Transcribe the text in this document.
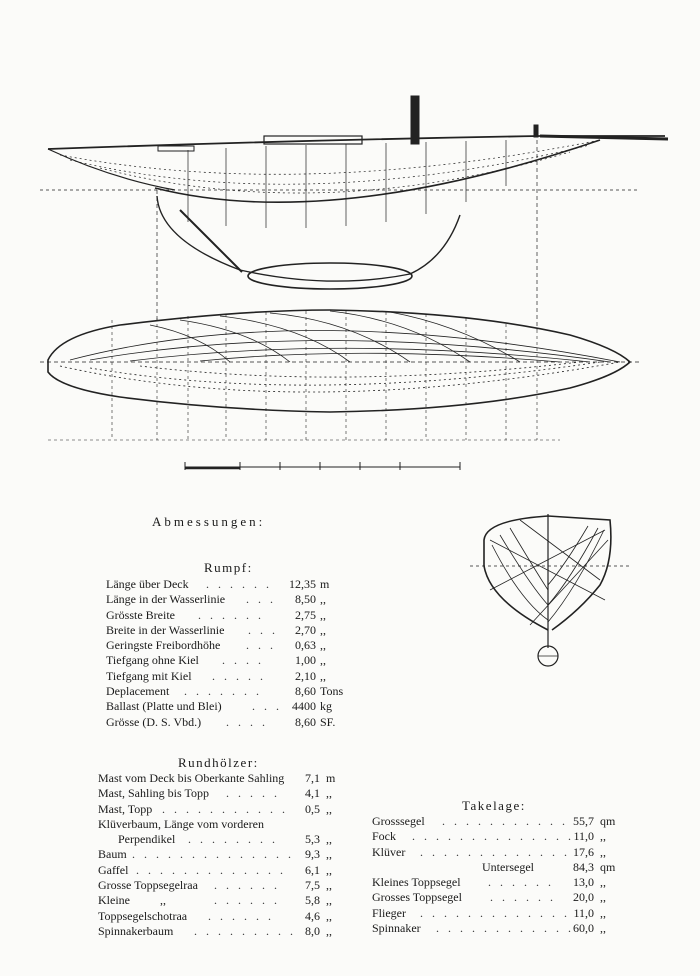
Abmessungen:
Rumpf:
Rundhölzer:
Takelage:
Länge über Deck . . . . . .	12,35 m
Länge in der Wasserlinie . . .	8,50 ,,
Grösste Breite . . . . . .	2,75 ,,
Breite in der Wasserlinie . . .	2,70 ,,
Geringste Freibordhöhe . . .	0,63 ,,
Tiefgang ohne Kiel . . . .	1,00 ,,
Tiefgang mit Kiel . . . . .	2,10 ,,
Deplacement . . . . . . .	8,60 Tons
Ballast (Platte und Blei)	. . . 4400 kg
Grösse (D. S. Vbd.) . . . .	8,60 SF.
Mast vom Deck bis Oberkante Sahling	7,1 m
Mast, Sahling bis Topp . . . . .	4,1 ,,
Mast, Topp . . . . . . . . . . .	0,5 ,,
Klüverbaum, Länge vom vorderen
Perpendikel . . . . . . . .	5,3 ,,
Baum . . . . . . . . . . . . . . 9,3 ,,
Gaffel . . . . . . . . . . . . .	6,1 ,,
Grosse Toppsegelraa . . . . . .	7,5 ,,
Kleine          ,,	. . . . . .	5,8 ,,
Toppsegelschotraa . . . . . .	4,6 ,,
Spinnakerbaum . . . . . . . . . 8,0 ,,
Grosssegel . . . . . . . . . . . 55,7 qm
Fock . . . . . . . . . . . . . . 11,0 ,,
Klüver . . . . . . . . . . . . . 17,6 ,,
Untersegel	84,3 qm
Kleines Toppsegel . . . . . .	13,0 ,,
Grosses Toppsegel . . . . . .	20,0 ,,
Flieger . . . . . . . . . . . . . 11,0 ,,
Spinnaker . . . . . . . . . . . . 60,0 ,,
